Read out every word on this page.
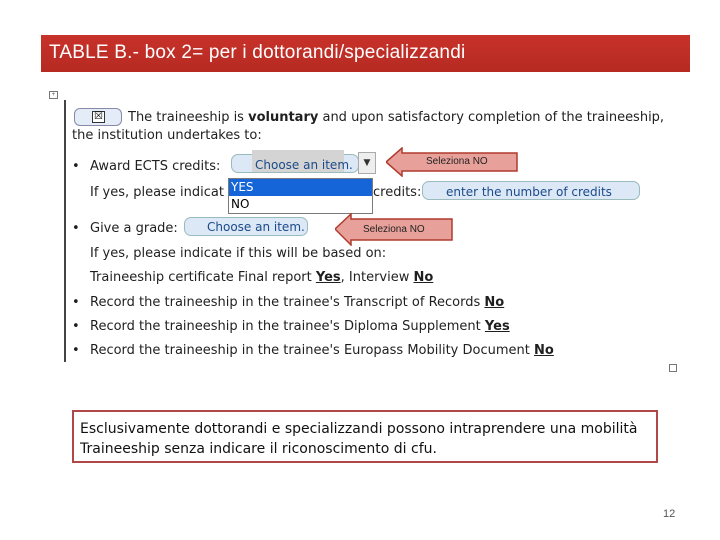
TABLE B.- box 2= per i dottorandi/specializzandi
+
☒ The traineeship is voluntary and upon satisfactory completion of the traineeship,
the institution undertakes to:
• Award ECTS credits:	Choose an item.	▼
If yes, please indicat YES
NO
credits: enter the number of credits
• Give a grade: Choose an item.
If yes, please indicate if this will be based on:
Traineeship certificate Final report Yes, Interview No
• Record the traineeship in the trainee's Transcript of Records No
• Record the traineeship in the trainee's Diploma Supplement Yes
• Record the traineeship in the trainee's Europass Mobility Document No
Seleziona NO
Seleziona NO
Esclusivamente dottorandi e specializzandi possono intraprendere una mobilità Traineeship senza indicare il riconoscimento di cfu.
12
